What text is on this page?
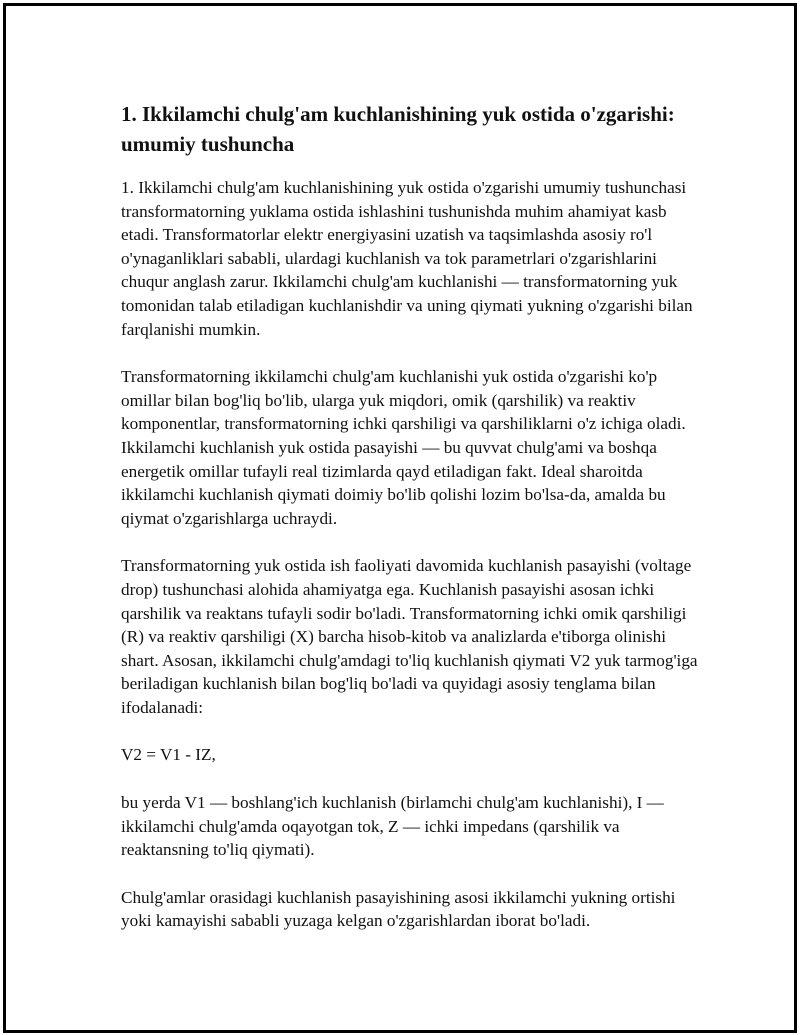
1. Ikkilamchi chulg'am kuchlanishining yuk ostida o'zgarishi: umumiy tushuncha

1. Ikkilamchi chulg'am kuchlanishining yuk ostida o'zgarishi umumiy tushunchasi transformatorning yuklama ostida ishlashini tushunishda muhim ahamiyat kasb etadi. Transformatorlar elektr energiyasini uzatish va taqsimlashda asosiy ro'l o'ynaganliklari sababli, ulardagi kuchlanish va tok parametrlari o'zgarishlarini chuqur anglash zarur. Ikkilamchi chulg'am kuchlanishi — transformatorning yuk tomonidan talab etiladigan kuchlanishdir va uning qiymati yukning o'zgarishi bilan farqlanishi mumkin.

Transformatorning ikkilamchi chulg'am kuchlanishi yuk ostida o'zgarishi ko'p omillar bilan bog'liq bo'lib, ularga yuk miqdori, omik (qarshilik) va reaktiv komponentlar, transformatorning ichki qarshiligi va qarshiliklarni o'z ichiga oladi. Ikkilamchi kuchlanish yuk ostida pasayishi — bu quvvat chulg'ami va boshqa energetik omillar tufayli real tizimlarda qayd etiladigan fakt. Ideal sharoitda ikkilamchi kuchlanish qiymati doimiy bo'lib qolishi lozim bo'lsa-da, amalda bu qiymat o'zgarishlarga uchraydi.

Transformatorning yuk ostida ish faoliyati davomida kuchlanish pasayishi (voltage drop) tushunchasi alohida ahamiyatga ega. Kuchlanish pasayishi asosan ichki qarshilik va reaktans tufayli sodir bo'ladi. Transformatorning ichki omik qarshiligi (R) va reaktiv qarshiligi (X) barcha hisob-kitob va analizlarda e'tiborga olinishi shart. Asosan, ikkilamchi chulg'amdagi to'liq kuchlanish qiymati V2 yuk tarmog'iga beriladigan kuchlanish bilan bog'liq bo'ladi va quyidagi asosiy tenglama bilan ifodalanadi:

V2 = V1 - IZ,

bu yerda V1 — boshlang'ich kuchlanish (birlamchi chulg'am kuchlanishi), I — ikkilamchi chulg'amda oqayotgan tok, Z — ichki impedans (qarshilik va reaktansning to'liq qiymati).

Chulg'amlar orasidagi kuchlanish pasayishining asosi ikkilamchi yukning ortishi yoki kamayishi sababli yuzaga kelgan o'zgarishlardan iborat bo'ladi.
